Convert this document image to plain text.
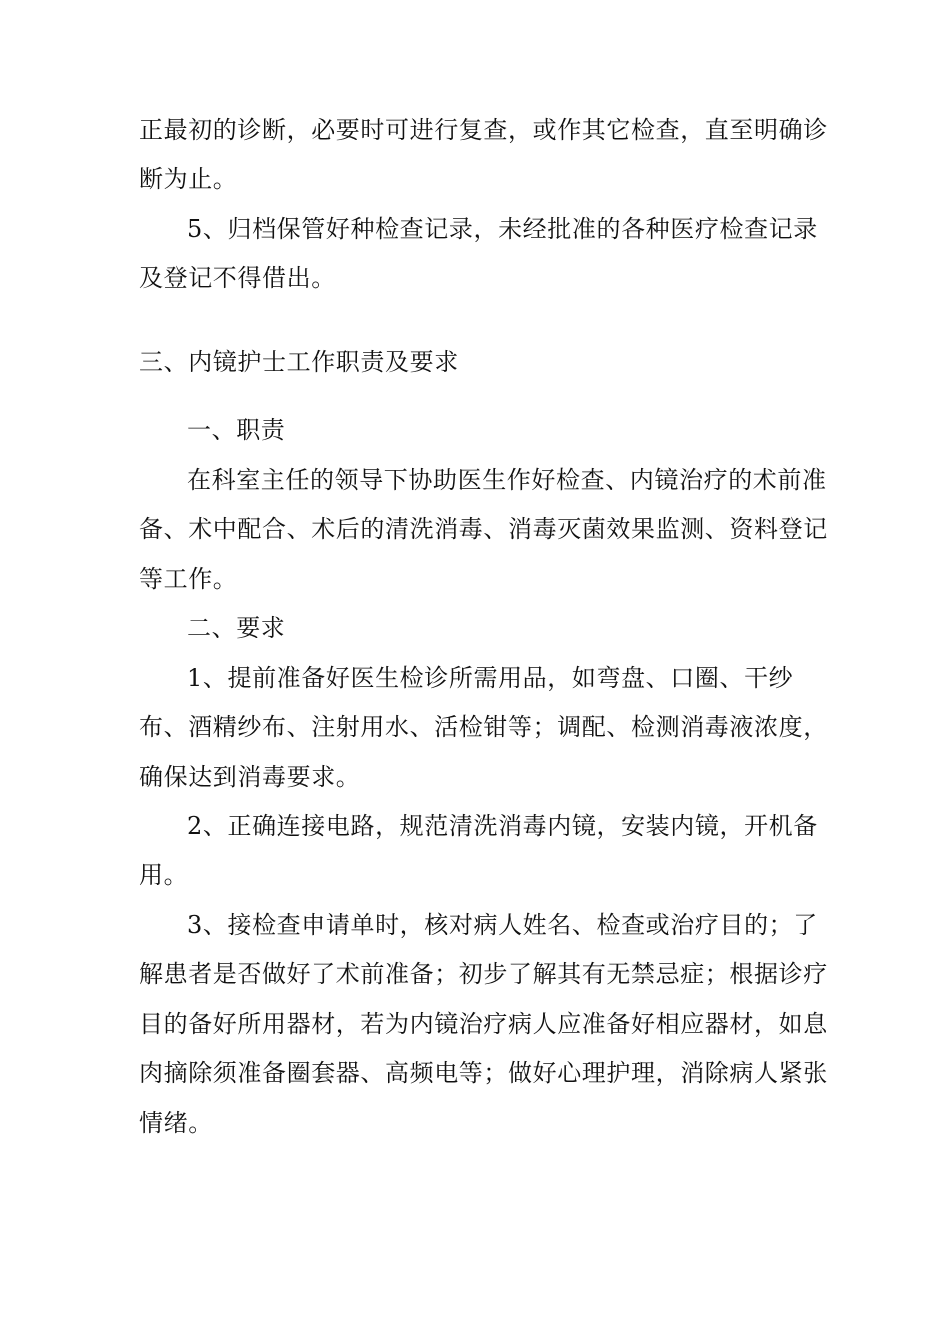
正最初的诊断，必要时可进行复查，或作其它检查，直至明确诊断为止。
5、归档保管好种检查记录，未经批准的各种医疗检查记录及登记不得借出。
三、内镜护士工作职责及要求
一、职责
在科室主任的领导下协助医生作好检查、内镜治疗的术前准备、术中配合、术后的清洗消毒、消毒灭菌效果监测、资料登记等工作。
二、要求
1、提前准备好医生检诊所需用品，如弯盘、口圈、干纱布、酒精纱布、注射用水、活检钳等；调配、检测消毒液浓度，确保达到消毒要求。
2、正确连接电路，规范清洗消毒内镜，安装内镜，开机备用。
3、接检查申请单时，核对病人姓名、检查或治疗目的；了解患者是否做好了术前准备；初步了解其有无禁忌症；根据诊疗目的备好所用器材，若为内镜治疗病人应准备好相应器材，如息肉摘除须准备圈套器、高频电等；做好心理护理，消除病人紧张情绪。
